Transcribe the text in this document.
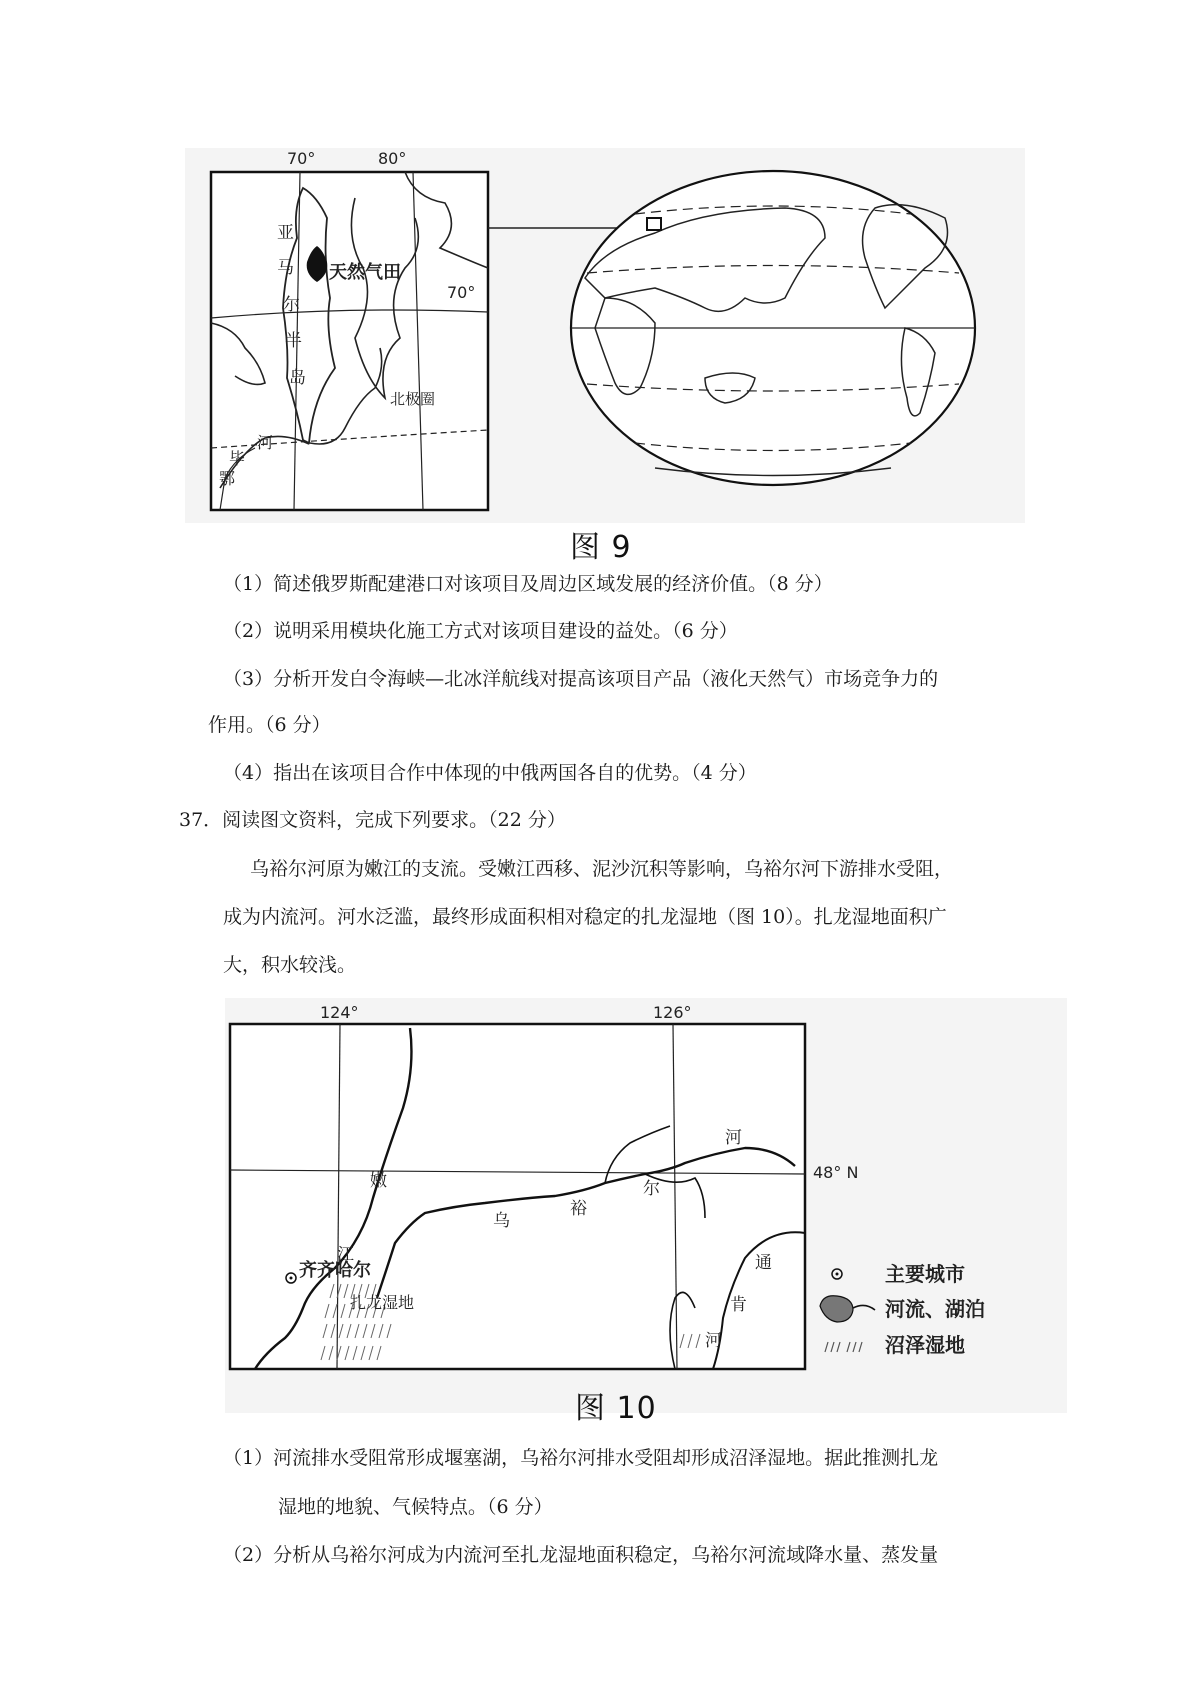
70°	80°
70°
亚
马
尔
半
岛
天然气田
北极圈
鄂
毕
河
图 9
（1）简述俄罗斯配建港口对该项目及周边区域发展的经济价值。（8 分）
（2）说明采用模块化施工方式对该项目建设的益处。（6 分）
（3）分析开发白令海峡—北冰洋航线对提高该项目产品（液化天然气）市场竞争力的
作用。（6 分）
（4）指出在该项目合作中体现的中俄两国各自的优势。（4 分）
37．阅读图文资料，完成下列要求。（22 分）
乌裕尔河原为嫩江的支流。受嫩江西移、泥沙沉积等影响，乌裕尔河下游排水受阻，
成为内流河。河水泛滥，最终形成面积相对稳定的扎龙湿地（图 10）。扎龙湿地面积广
大，积水较浅。
124°	126°
48° N
嫩
江
乌
裕
尔
河
通
肯
河
齐齐哈尔
扎龙湿地
主要城市
河流、湖泊
沼泽湿地
图 10
（1）河流排水受阻常形成堰塞湖，乌裕尔河排水受阻却形成沼泽湿地。据此推测扎龙
湿地的地貌、气候特点。（6 分）
（2）分析从乌裕尔河成为内流河至扎龙湿地面积稳定，乌裕尔河流域降水量、蒸发量
